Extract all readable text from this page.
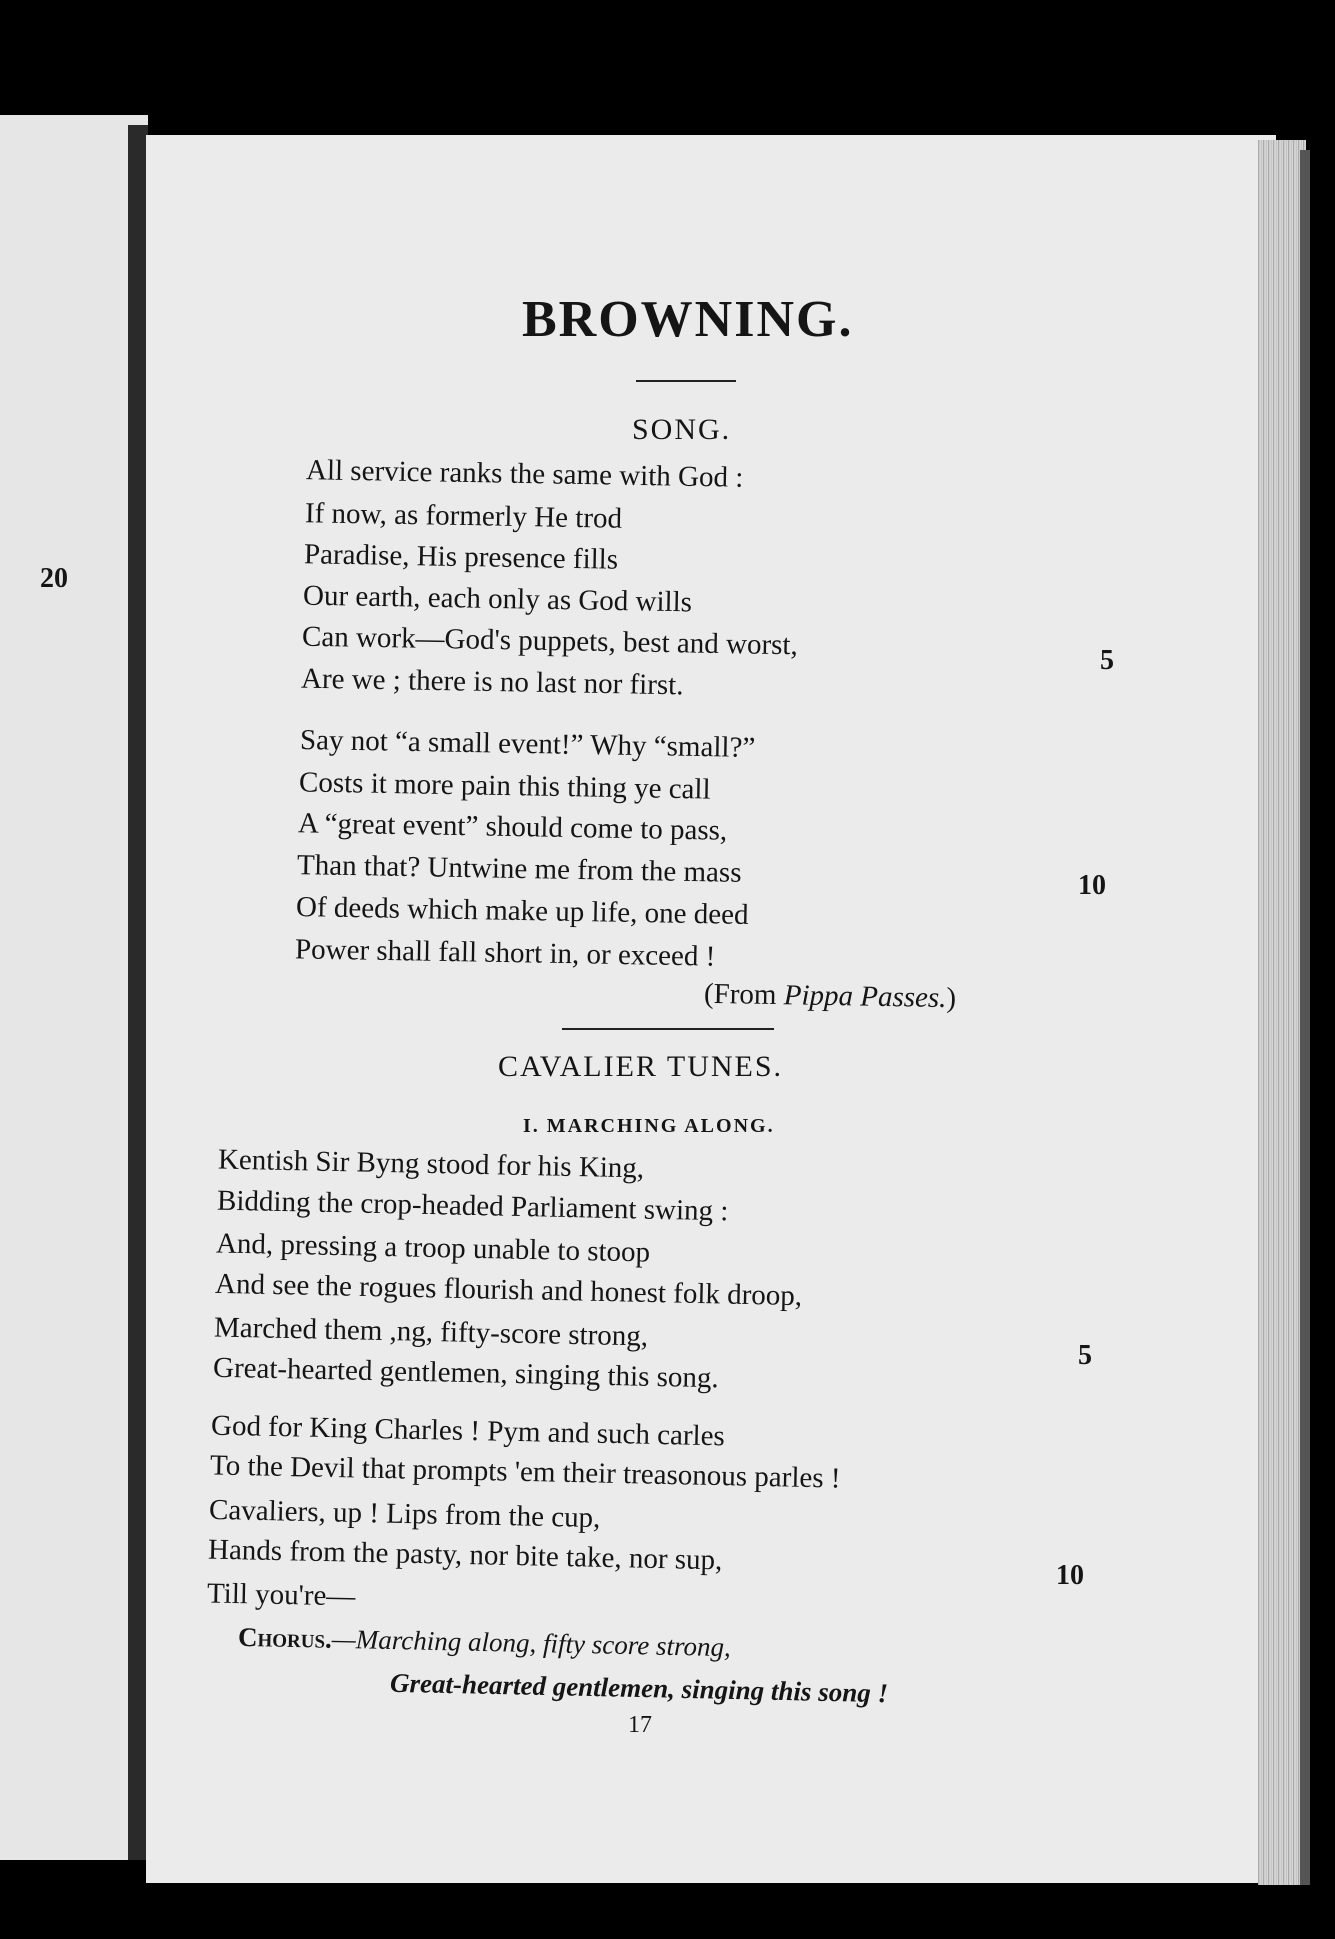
20
BROWNING.
SONG.
All service ranks the same with God :
If now, as formerly He trod
Paradise, His presence fills
Our earth, each only as God wills
Can work—God's puppets, best and worst,
Are we ; there is no last nor first.
5
Say not “a small event!” Why “small?”
Costs it more pain this thing ye call
A “great event” should come to pass,
Than that? Untwine me from the mass
Of deeds which make up life, one deed
Power shall fall short in, or exceed !
10
(From Pippa Passes.)
CAVALIER TUNES.
I. MARCHING ALONG.
Kentish Sir Byng stood for his King,
Bidding the crop-headed Parliament swing :
And, pressing a troop unable to stoop
And see the rogues flourish and honest folk droop,
Marched them ,ng, fifty-score strong,
Great-hearted gentlemen, singing this song.	5
God for King Charles ! Pym and such carles
To the Devil that prompts 'em their treasonous parles !
Cavaliers, up ! Lips from the cup,
Hands from the pasty, nor bite take, nor sup,
Till you're—
10
Chorus.—Marching along, fifty score strong,
Great-hearted gentlemen, singing this song !
17
